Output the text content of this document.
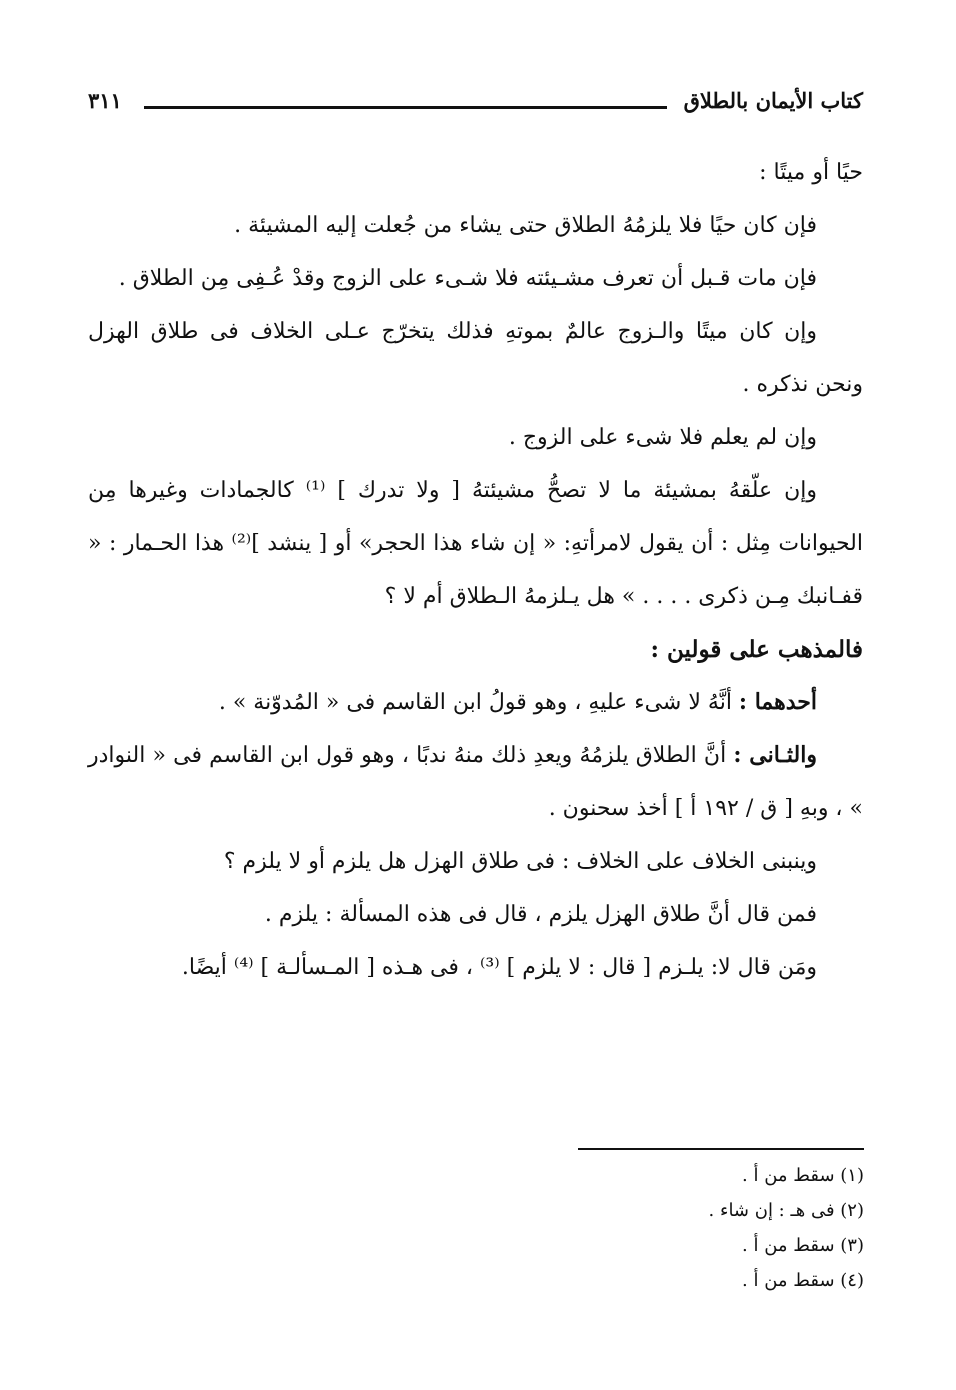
كتاب الأيمان بالطلاق
٣١١

حيًا أو ميتًا :

فإن كان حيًا فلا يلزمُهُ الطلاق حتى يشاء من جُعلت إليه المشيئة .

فإن مات قـبل أن تعرف مشـيئته فلا شـىء على الزوج وقدْ عُـفِى مِن الطلاق .

وإن كان ميتًا والـزوج عالمٌ بموتهِ فذلك يتخرّج عـلى الخلاف فى طلاق الهزل ونحن نذكره .

وإن لم يعلم فلا شىء على الزوج .

وإن علّقهُ بمشيئة ما لا تصحُّ مشيئتهُ [ ولا تدرك ] ⁽¹⁾ كالجمادات وغيرها مِن الحيوانات مِثل : أن يقول لامرأتهِ: « إن شاء هذا الحجر» أو [ ينشد ]⁽²⁾ هذا الحـمار : « قفـانبك مِـن ذكرى . . . . » هل يـلزمهُ الـطلاق أم لا ؟

فالمذهب على قولين :

أحدهما : أنَّهُ لا شىء عليهِ ، وهو قولُ ابن القاسم فى « المُدوّنة » .

والثـانى : أنَّ الطلاق يلزمُهُ ويعدِ ذلك منهُ ندبًا ، وهو قول ابن القاسم فى « النوادر » ، وبهِ [ ق / ١٩٢ أ ] أخذ سحنون .

وينبنى الخلاف على الخلاف : فى طلاق الهزل هل يلزم أو لا يلزم ؟

فمن قال أنَّ طلاق الهزل يلزم ، قال فى هذه المسألة : يلزم .

ومَن قال لا: يلـزم [ قال : لا يلزم ] ⁽³⁾ ، فى هـذه [ المـسألـة ] ⁽⁴⁾ أيضًا.

(١) سقط من أ .
(٢) فى هـ : إن شاء .
(٣) سقط من أ .
(٤) سقط من أ .
